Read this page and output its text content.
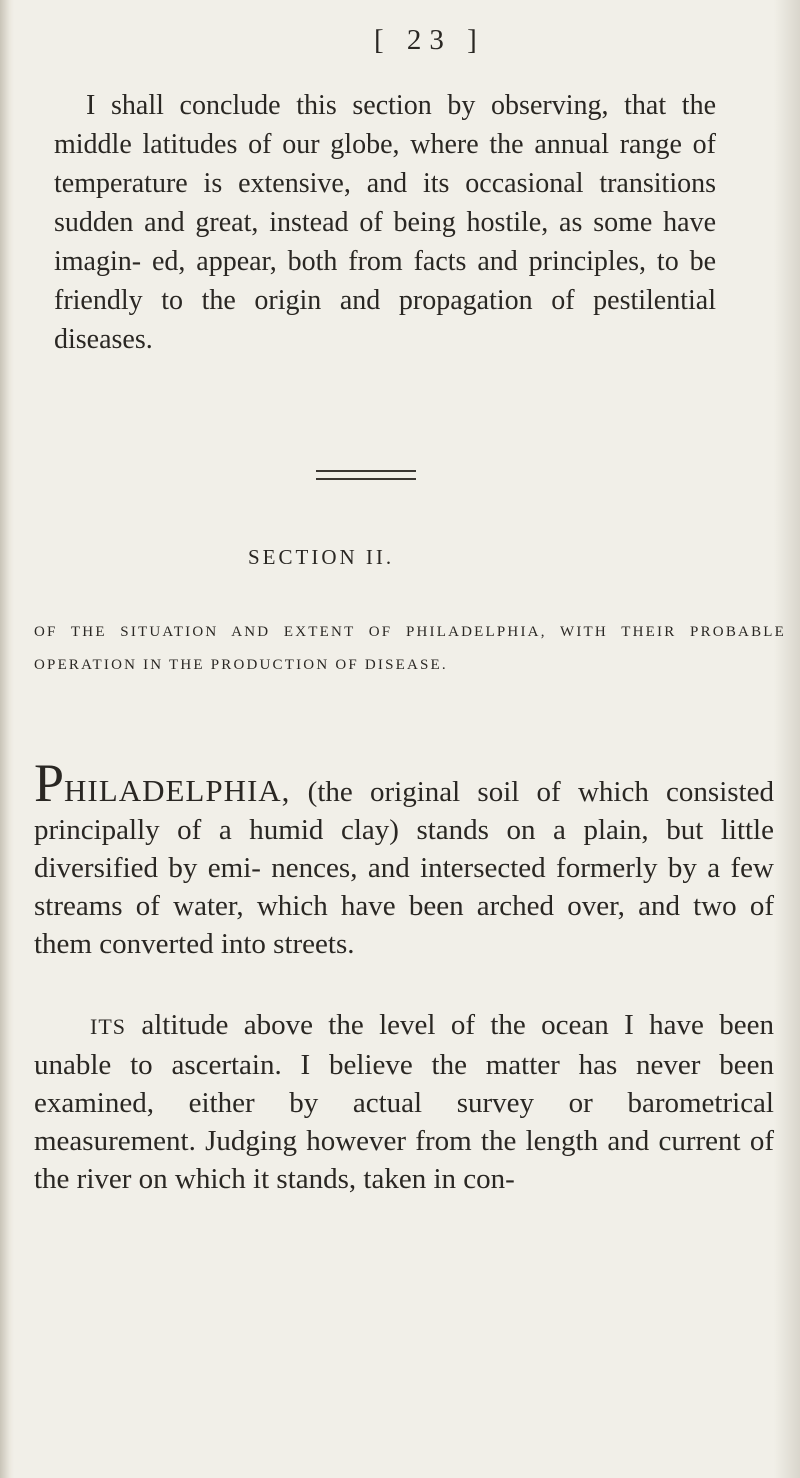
[ 23 ]

I shall conclude this section by observing, that the middle latitudes of our globe, where the annual range of temperature is extensive, and its occasional transitions sudden and great, instead of being hostile, as some have imagin- ed, appear, both from facts and principles, to be friendly to the origin and propagation of pestilential diseases.

SECTION II.

OF THE SITUATION AND EXTENT OF PHILADELPHIA, WITH THEIR PROBABLE OPERATION IN THE PRODUCTION OF DISEASE.

PHILADELPHIA, (the original soil of which consisted principally of a humid clay) stands on a plain, but little diversified by emi- nences, and intersected formerly by a few streams of water, which have been arched over, and two of them converted into streets.

ITS altitude above the level of the ocean I have been unable to ascertain. I believe the matter has never been examined, either by actual survey or barometrical measurement. Judging however from the length and current of the river on which it stands, taken in con-
